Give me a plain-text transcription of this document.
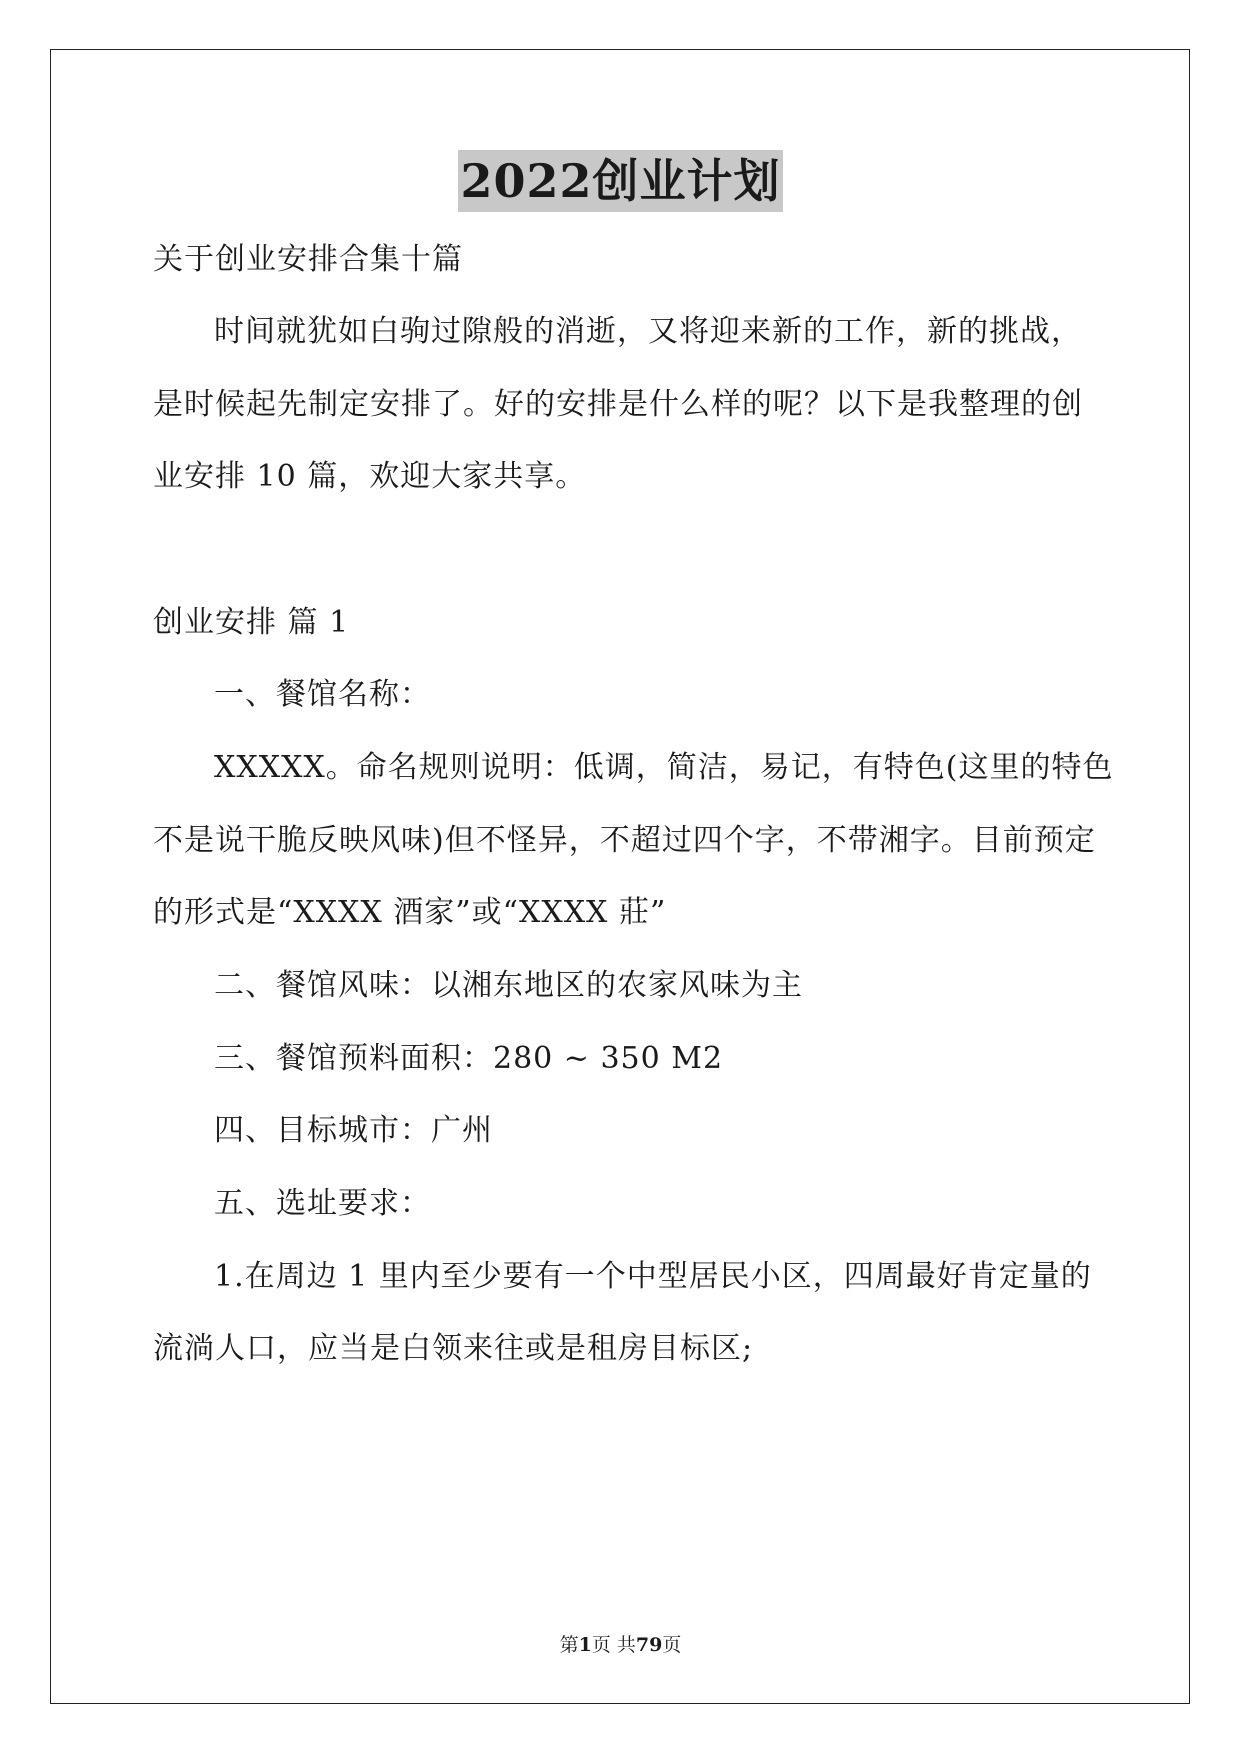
2022创业计划
关于创业安排合集十篇
时间就犹如白驹过隙般的消逝，又将迎来新的工作，新的挑战，
是时候起先制定安排了。好的安排是什么样的呢？以下是我整理的创
业安排 10 篇，欢迎大家共享。
创业安排 篇 1
一、餐馆名称：
XXXXX。命名规则说明：低调，简洁，易记，有特色(这里的特色
不是说干脆反映风味)但不怪异，不超过四个字，不带湘字。目前预定
的形式是“XXXX 酒家”或“XXXX 莊”
二、餐馆风味：以湘东地区的农家风味为主
三、餐馆预料面积：280 ~ 350 M2
四、目标城市：广州
五、选址要求：
1.在周边 1 里内至少要有一个中型居民小区，四周最好肯定量的
流淌人口，应当是白领来往或是租房目标区;
第1页 共79页
